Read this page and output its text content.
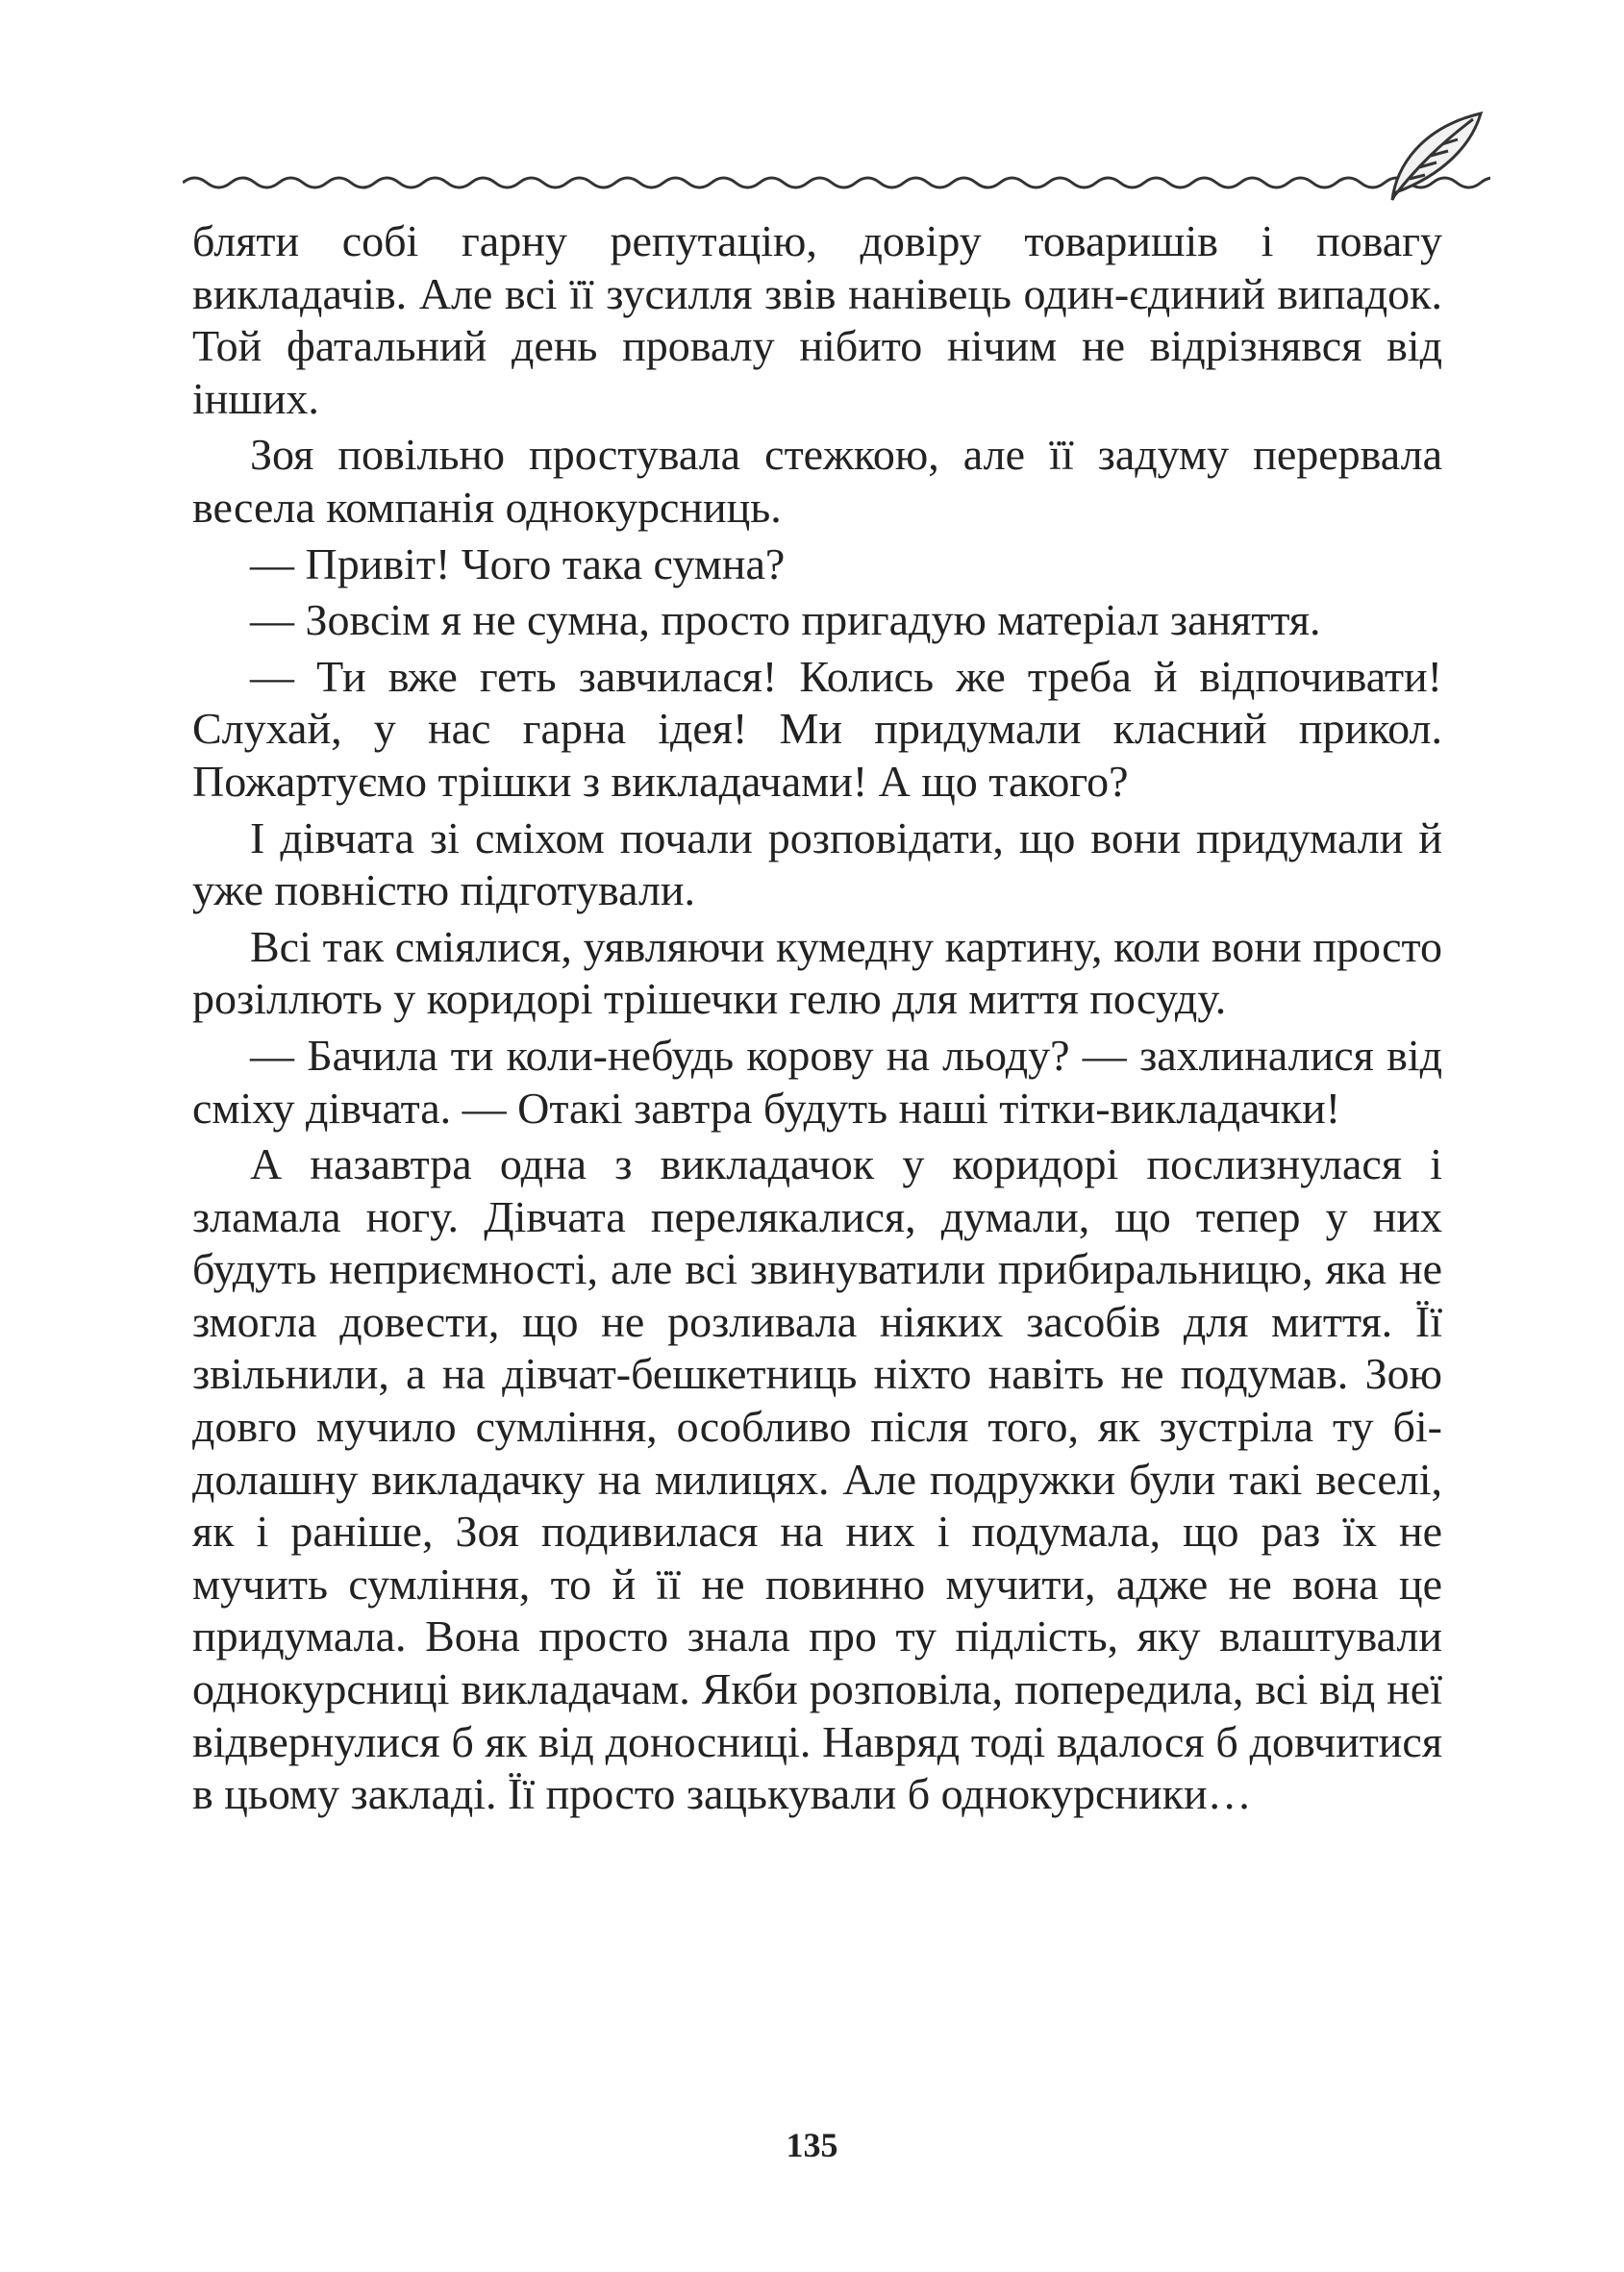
бляти собі гарну репутацію, довіру товаришів і повагу викладачів. Але всі її зусилля звів нанівець один-єдиний випадок. Той фатальний день провалу нібито нічим не відрізнявся від інших.

Зоя повільно простувала стежкою, але її задуму перервала весела компанія однокурсниць.

— Привіт! Чого така сумна?

— Зовсім я не сумна, просто пригадую матеріал заняття.

— Ти вже геть завчилася! Колись же треба й відпочивати! Слухай, у нас гарна ідея! Ми придумали класний прикол. Пожартуємо трішки з викладачами! А що такого?

І дівчата зі сміхом почали розповідати, що вони придумали й уже повністю підготували.

Всі так сміялися, уявляючи кумедну картину, коли вони просто розіллють у коридорі трішечки гелю для миття посуду.

— Бачила ти коли-небудь корову на льоду? — захлиналися від сміху дівчата. — Отакі завтра будуть наші тітки-викладачки!

А назавтра одна з викладачок у коридорі послизнулася і зламала ногу. Дівчата перелякалися, думали, що тепер у них будуть неприємності, але всі звинуватили прибиральницю, яка не змогла довести, що не розливала ніяких засобів для миття. Її звільнили, а на дівчат-бешкетниць ніхто навіть не подумав. Зою довго мучило сумління, особливо після того, як зустріла ту бідолашну викладачку на милицях. Але подружки були такі веселі, як і раніше, Зоя подивилася на них і подумала, що раз їх не мучить сумління, то й її не повинно мучити, адже не вона це придумала. Вона просто знала про ту підлість, яку влаштували однокурсниці викладачам. Якби розповіла, попередила, всі від неї відвернулися б як від доносниці. Навряд тоді вдалося б довчитися в цьому закладі. Її просто зацькували б однокурсники…

135
